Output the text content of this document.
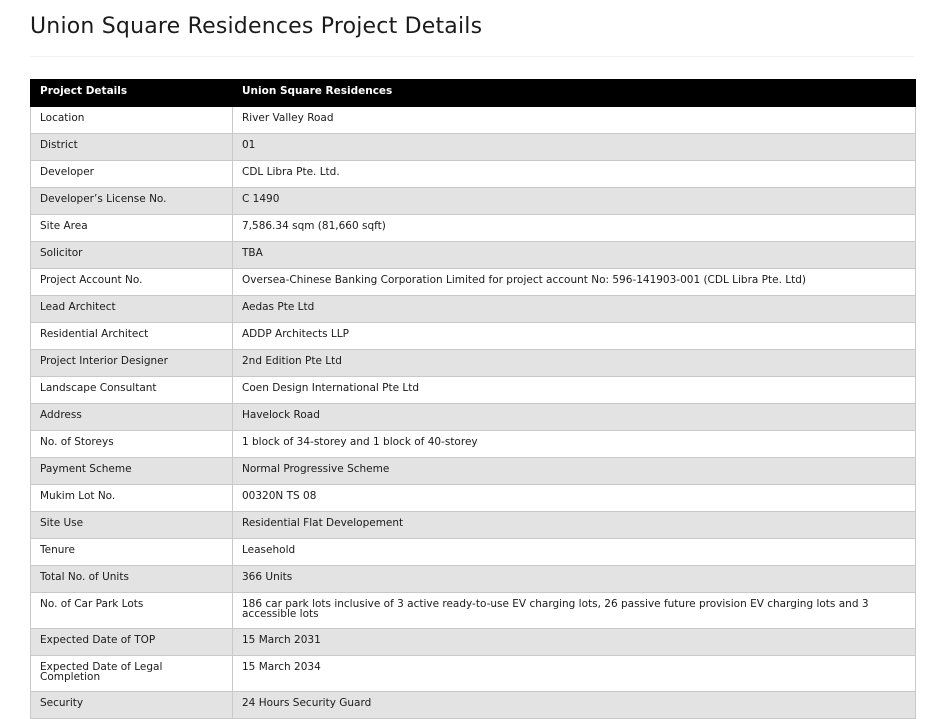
Union Square Residences Project Details
Project Details	Union Square Residences
Location	River Valley Road
District	01
Developer	CDL Libra Pte. Ltd.
Developer’s License No.	C 1490
Site Area	7,586.34 sqm (81,660 sqft)
Solicitor	TBA
Project Account No.	Oversea-Chinese Banking Corporation Limited for project account No: 596-141903-001 (CDL Libra Pte. Ltd)
Lead Architect	Aedas Pte Ltd
Residential Architect	ADDP Architects LLP
Project Interior Designer	2nd Edition Pte Ltd
Landscape Consultant	Coen Design International Pte Ltd
Address	Havelock Road
No. of Storeys	1 block of 34-storey and 1 block of 40-storey
Payment Scheme	Normal Progressive Scheme
Mukim Lot No.	00320N TS 08
Site Use	Residential Flat Developement
Tenure	Leasehold
Total No. of Units	366 Units
No. of Car Park Lots	186 car park lots inclusive of 3 active ready-to-use EV charging lots, 26 passive future provision EV charging lots and 3 accessible lots
Expected Date of TOP	15 March 2031
Expected Date of Legal Completion	15 March 2034
Security	24 Hours Security Guard
